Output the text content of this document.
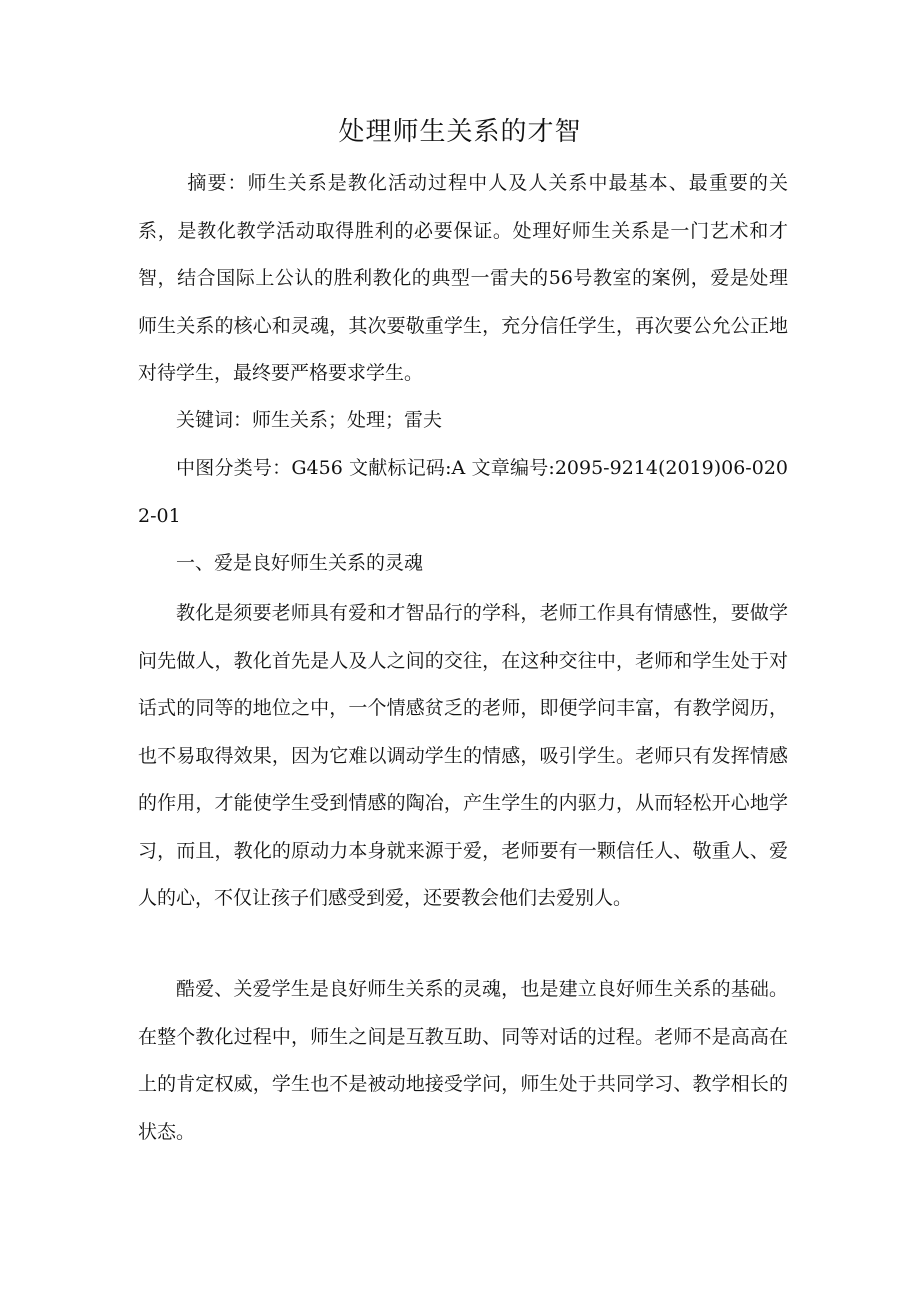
处理师生关系的才智

摘要：师生关系是教化活动过程中人及人关系中最基本、最重要的关系，是教化教学活动取得胜利的必要保证。处理好师生关系是一门艺术和才智，结合国际上公认的胜利教化的典型一雷夫的56号教室的案例，爱是处理师生关系的核心和灵魂，其次要敬重学生，充分信任学生，再次要公允公正地对待学生，最终要严格要求学生。

关键词：师生关系；处理；雷夫

中图分类号：G456 文献标记码:A 文章编号:2095-9214(2019)06-0202-01

一、爱是良好师生关系的灵魂

教化是须要老师具有爱和才智品行的学科，老师工作具有情感性，要做学问先做人，教化首先是人及人之间的交往，在这种交往中，老师和学生处于对话式的同等的地位之中，一个情感贫乏的老师，即便学问丰富，有教学阅历，也不易取得效果，因为它难以调动学生的情感，吸引学生。老师只有发挥情感的作用，才能使学生受到情感的陶冶，产生学生的内驱力，从而轻松开心地学习，而且，教化的原动力本身就来源于爱，老师要有一颗信任人、敬重人、爱人的心，不仅让孩子们感受到爱，还要教会他们去爱别人。

酷爱、关爱学生是良好师生关系的灵魂，也是建立良好师生关系的基础。在整个教化过程中，师生之间是互教互助、同等对话的过程。老师不是高高在上的肯定权威，学生也不是被动地接受学问，师生处于共同学习、教学相长的状态。
